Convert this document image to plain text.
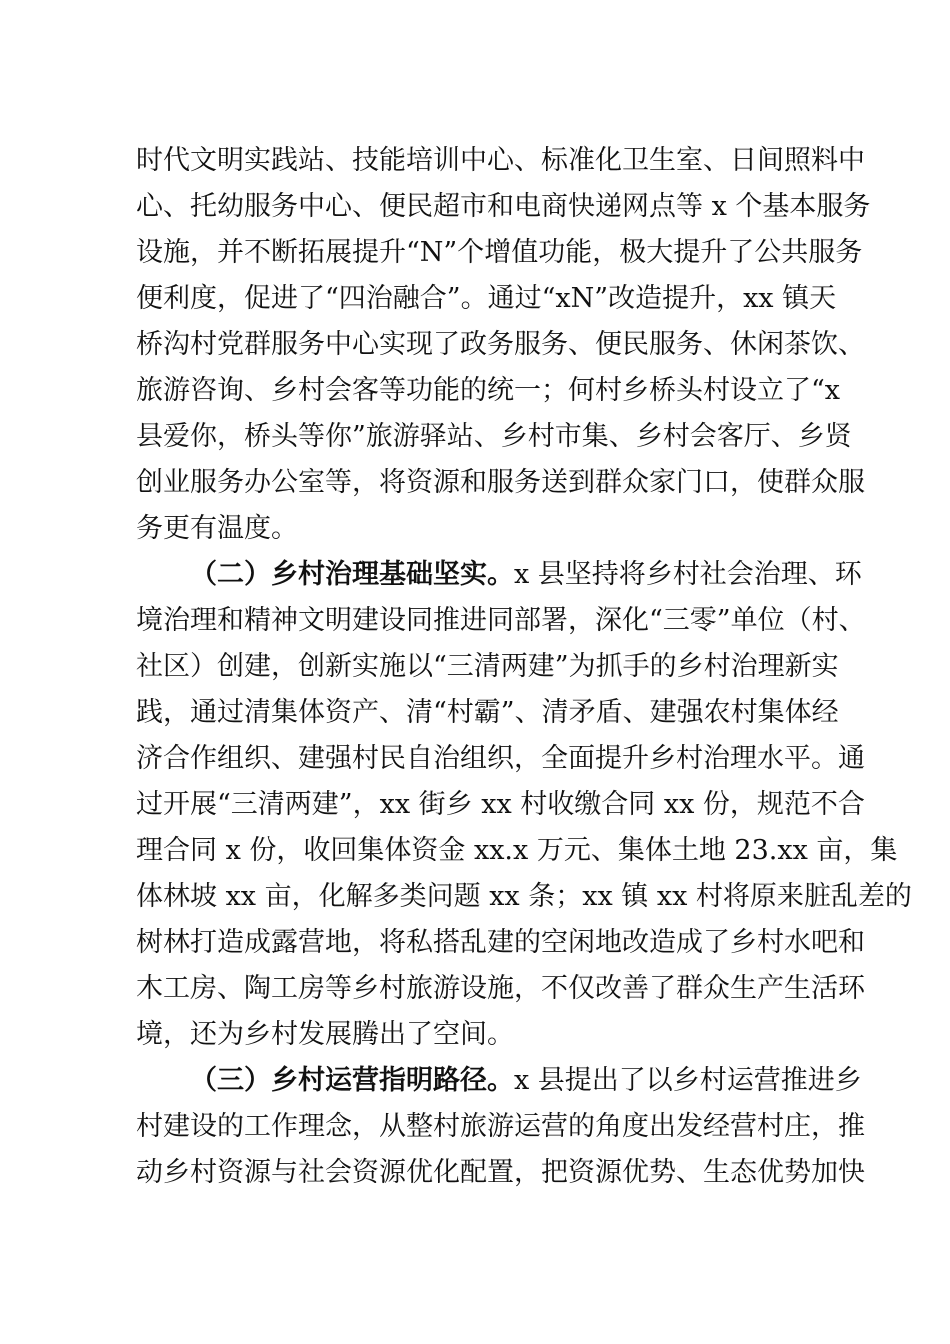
时代文明实践站、技能培训中心、标准化卫生室、日间照料中
心、托幼服务中心、便民超市和电商快递网点等 x 个基本服务
设施，并不断拓展提升“N”个增值功能，极大提升了公共服务
便利度，促进了“四治融合”。通过“xN”改造提升，xx 镇天
桥沟村党群服务中心实现了政务服务、便民服务、休闲茶饮、
旅游咨询、乡村会客等功能的统一；何村乡桥头村设立了“x
县爱你，桥头等你”旅游驿站、乡村市集、乡村会客厅、乡贤
创业服务办公室等，将资源和服务送到群众家门口，使群众服
务更有温度。
（二）乡村治理基础坚实。x 县坚持将乡村社会治理、环
境治理和精神文明建设同推进同部署，深化“三零”单位（村、
社区）创建，创新实施以“三清两建”为抓手的乡村治理新实
践，通过清集体资产、清“村霸”、清矛盾、建强农村集体经
济合作组织、建强村民自治组织，全面提升乡村治理水平。通
过开展“三清两建”，xx 街乡 xx 村收缴合同 xx 份，规范不合
理合同 x 份，收回集体资金 xx.x 万元、集体土地 23.xx 亩，集
体林坡 xx 亩，化解多类问题 xx 条；xx 镇 xx 村将原来脏乱差的
树林打造成露营地，将私搭乱建的空闲地改造成了乡村水吧和
木工房、陶工房等乡村旅游设施，不仅改善了群众生产生活环
境，还为乡村发展腾出了空间。
（三）乡村运营指明路径。x 县提出了以乡村运营推进乡
村建设的工作理念，从整村旅游运营的角度出发经营村庄，推
动乡村资源与社会资源优化配置，把资源优势、生态优势加快
